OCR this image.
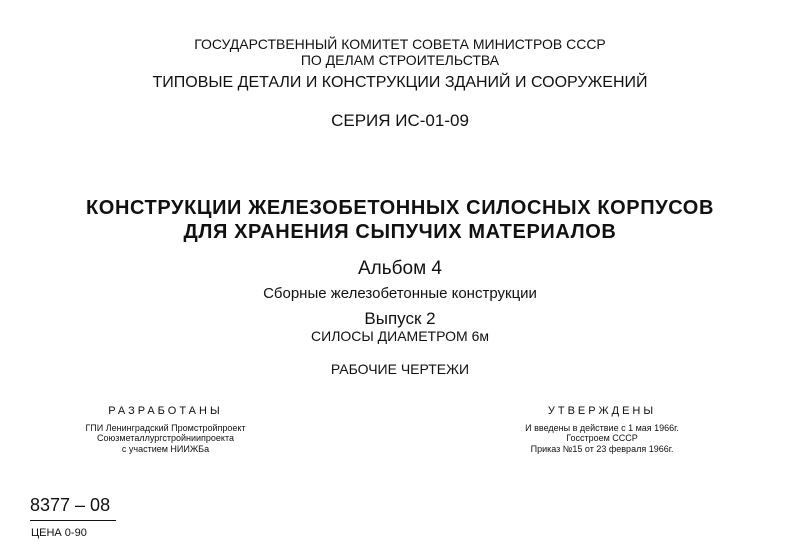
ГОСУДАРСТВЕННЫЙ КОМИТЕТ СОВЕТА МИНИСТРОВ СССР
ПО ДЕЛАМ СТРОИТЕЛЬСТВА
ТИПОВЫЕ ДЕТАЛИ И КОНСТРУКЦИИ ЗДАНИЙ И СООРУЖЕНИЙ
СЕРИЯ ИС-01-09
КОНСТРУКЦИИ ЖЕЛЕЗОБЕТОННЫХ СИЛОСНЫХ КОРПУСОВ
ДЛЯ ХРАНЕНИЯ СЫПУЧИХ МАТЕРИАЛОВ
Альбом 4
Сборные железобетонные конструкции
Выпуск 2
СИЛОСЫ ДИАМЕТРОМ 6м
РАБОЧИЕ ЧЕРТЕЖИ
РАЗРАБОТАНЫ
ГПИ Ленинградский Промстройпроект
Союзметаллургстройниипроекта
с участием НИИЖБа
УТВЕРЖДЕНЫ
И введены в действие с 1 мая 1966г.
Госстроем СССР
Приказ №15 от 23 февраля 1966г.
8377 – 08
ЦЕНА 0-90
